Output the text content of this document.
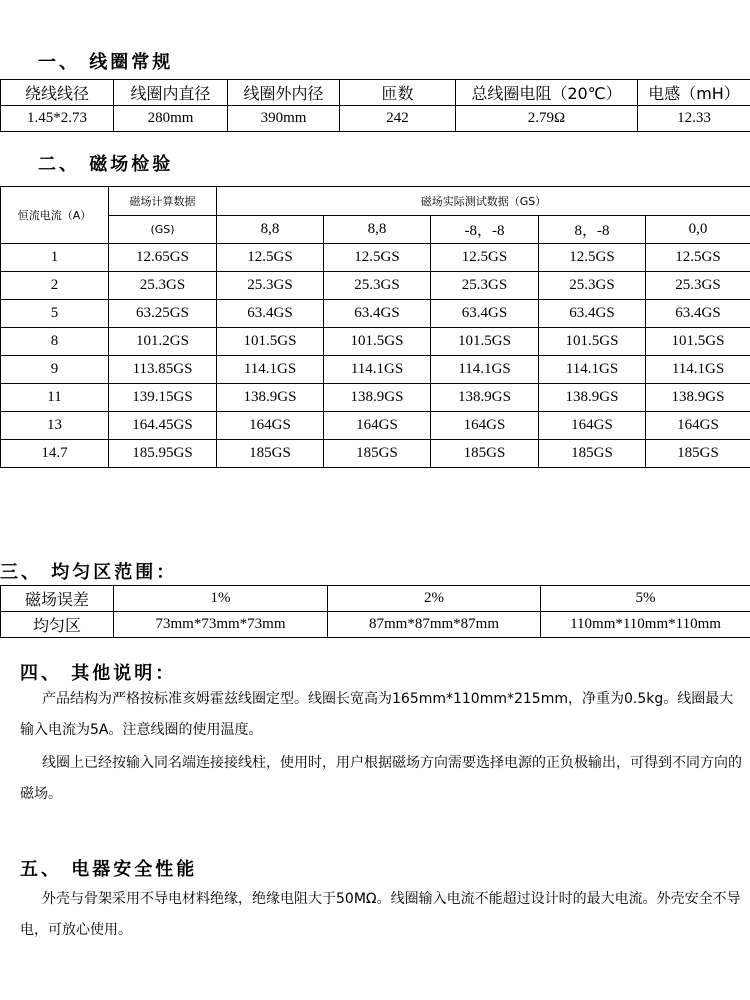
一、 线圈常规
绕线线径	线圈内直径	线圈外内径	匝数	总线圈电阻（20℃）	电感（mH）
1.45*2.73	280mm	390mm	242	2.79Ω	12.33
二、 磁场检验
恒流电流（A）	磁场计算数据	磁场实际测试数据（GS）				
	(GS)	8,8	8,8	-8，-8	8，-8	0,0
1	12.65GS	12.5GS	12.5GS	12.5GS	12.5GS	12.5GS
2	25.3GS	25.3GS	25.3GS	25.3GS	25.3GS	25.3GS
5	63.25GS	63.4GS	63.4GS	63.4GS	63.4GS	63.4GS
8	101.2GS	101.5GS	101.5GS	101.5GS	101.5GS	101.5GS
9	113.85GS	114.1GS	114.1GS	114.1GS	114.1GS	114.1GS
11	139.15GS	138.9GS	138.9GS	138.9GS	138.9GS	138.9GS
13	164.45GS	164GS	164GS	164GS	164GS	164GS
14.7	185.95GS	185GS	185GS	185GS	185GS	185GS
三、 均匀区范围：
磁场误差	1%	2%	5%
均匀区	73mm*73mm*73mm	87mm*87mm*87mm	110mm*110mm*110mm
四、 其他说明：

产品结构为严格按标准亥姆霍兹线圈定型。线圈长宽高为165mm*110mm*215mm，净重为0.5kg。线圈最大输入电流为5A。注意线圈的使用温度。

线圈上已经按输入同名端连接接线柱，使用时，用户根据磁场方向需要选择电源的正负极输出，可得到不同方向的磁场。

五、 电器安全性能

外壳与骨架采用不导电材料绝缘，绝缘电阻大于50MΩ。线圈输入电流不能超过设计时的最大电流。外壳安全不导电，可放心使用。
